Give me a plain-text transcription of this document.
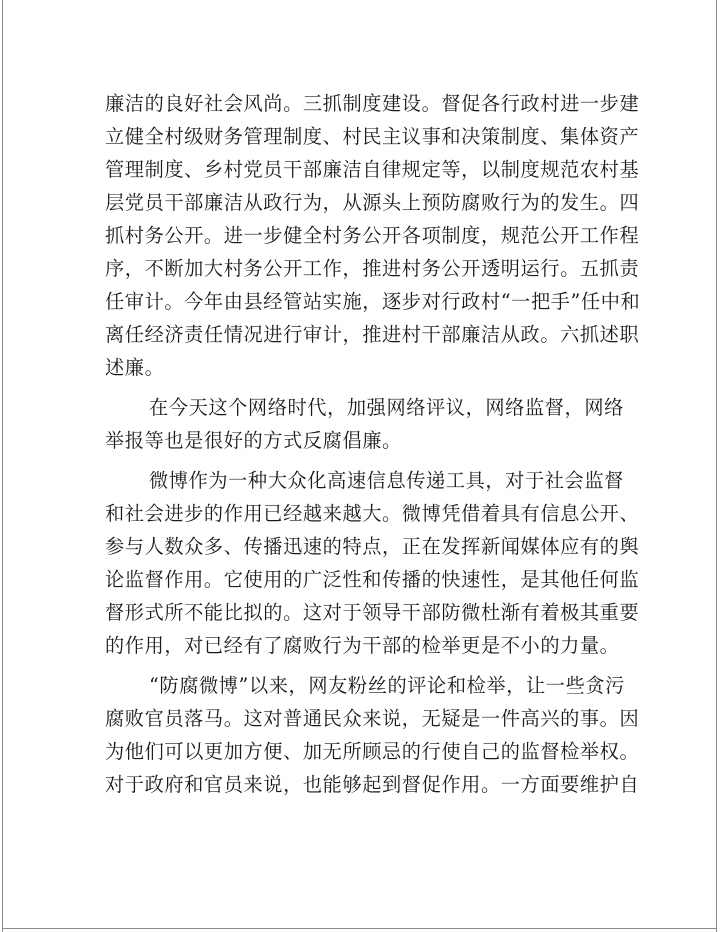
廉洁的良好社会风尚。三抓制度建设。督促各行政村进一步建
立健全村级财务管理制度、村民主议事和决策制度、集体资产
管理制度、乡村党员干部廉洁自律规定等，以制度规范农村基
层党员干部廉洁从政行为，从源头上预防腐败行为的发生。四
抓村务公开。进一步健全村务公开各项制度，规范公开工作程
序，不断加大村务公开工作，推进村务公开透明运行。五抓责
任审计。今年由县经管站实施，逐步对行政村“一把手”任中和
离任经济责任情况进行审计，推进村干部廉洁从政。六抓述职
述廉。
在今天这个网络时代，加强网络评议，网络监督，网络
举报等也是很好的方式反腐倡廉。
微博作为一种大众化高速信息传递工具，对于社会监督
和社会进步的作用已经越来越大。微博凭借着具有信息公开、
参与人数众多、传播迅速的特点，正在发挥新闻媒体应有的舆
论监督作用。它使用的广泛性和传播的快速性，是其他任何监
督形式所不能比拟的。这对于领导干部防微杜渐有着极其重要
的作用，对已经有了腐败行为干部的检举更是不小的力量。
“防腐微博”以来，网友粉丝的评论和检举，让一些贪污
腐败官员落马。这对普通民众来说，无疑是一件高兴的事。因
为他们可以更加方便、加无所顾忌的行使自己的监督检举权。
对于政府和官员来说，也能够起到督促作用。一方面要维护自
